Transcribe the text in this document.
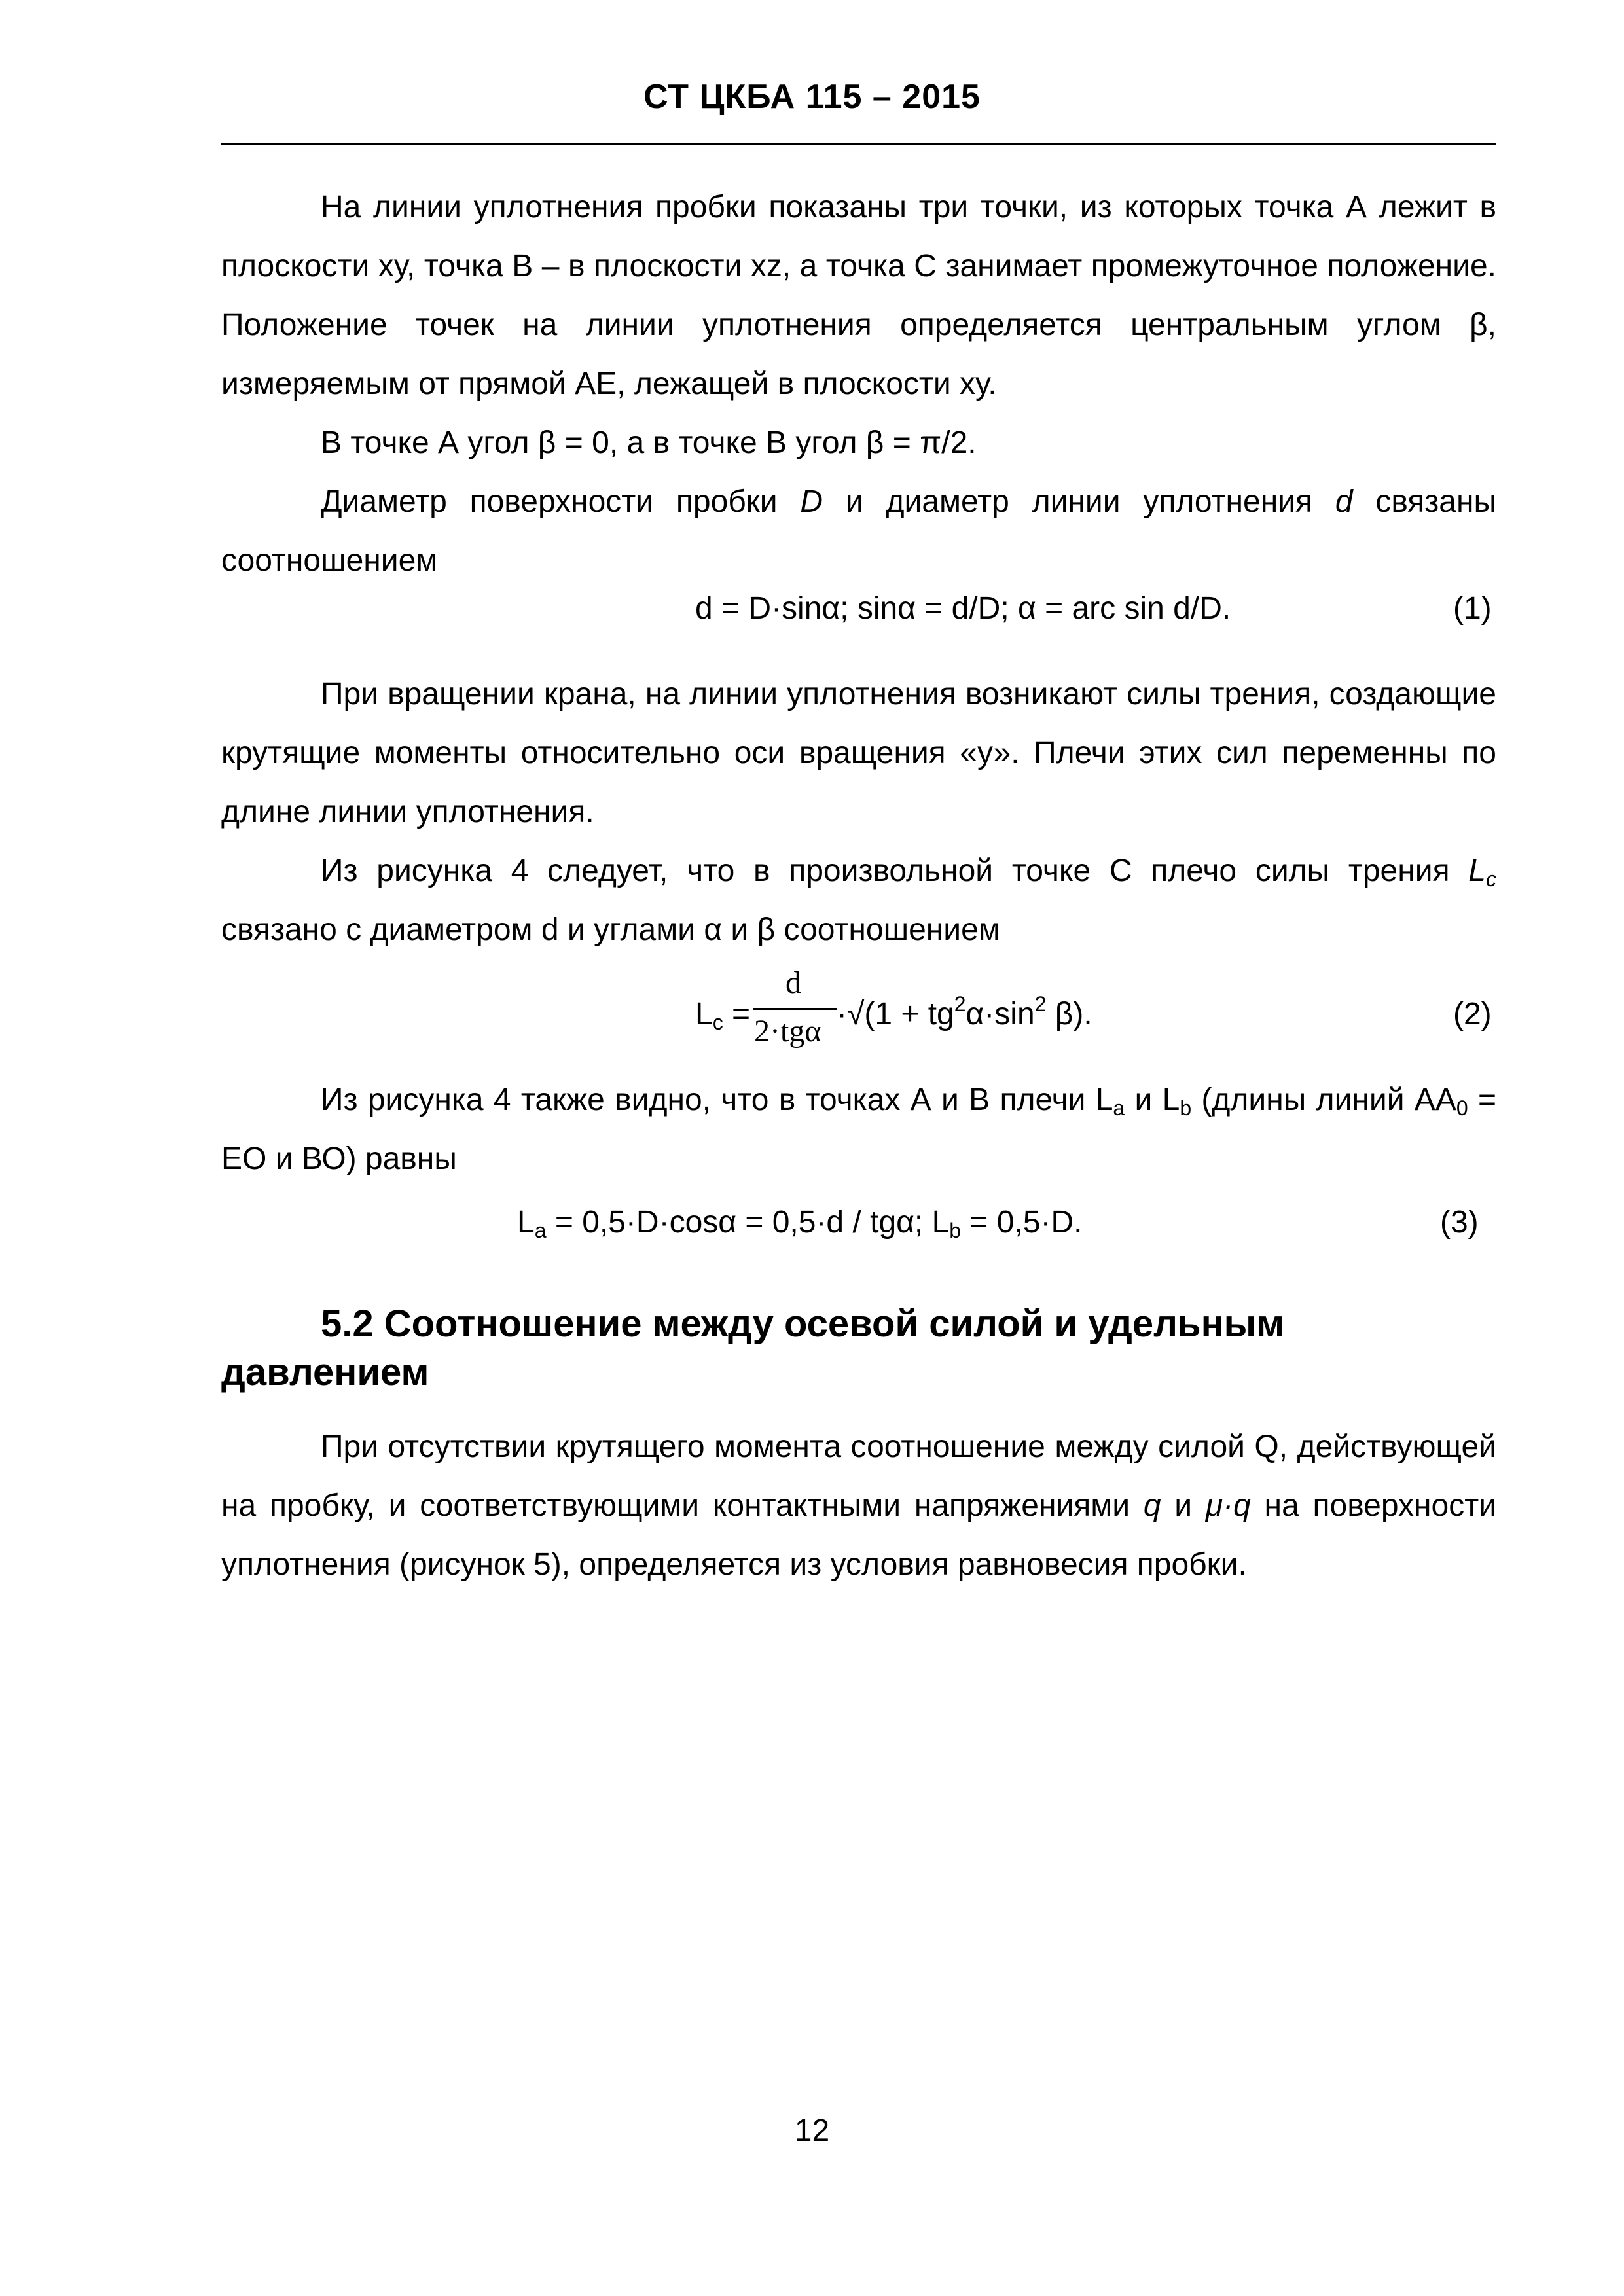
СТ ЦКБА 115 – 2015
На линии уплотнения пробки показаны три точки, из которых точка А лежит в плоскости ху, точка В – в плоскости хz, а точка С занимает промежуточное положение. Положение точек на линии уплотнения определяется центральным углом β, измеряемым от прямой АЕ, лежащей в плоскости ху.
В точке А угол β = 0, а в точке В угол β = π/2.
Диаметр поверхности пробки D и диаметр линии уплотнения d связаны соотношением
d = D·sinα; sinα = d/D; α = arc sin d/D.	(1)
При вращении крана, на линии уплотнения возникают силы трения, создающие крутящие моменты относительно оси вращения «у». Плечи этих сил переменны по длине линии уплотнения.
Из рисунка 4 следует, что в произвольной точке С плечо силы трения $L_c$ связано с диаметром d и углами α и β соотношением
$L_c$ =
d
$2\cdot tg\alpha \cdot√(1 + tg^2\alpha\cdot\sin^2$ β).	(2)
Из рисунка 4 также видно, что в точках А и В плечи $L_a$ и $L_b$ (длины линий $АА_0$ = ЕО и ВО) равны
$L_a = 0,5\cdot D\cdot\cos\alpha = 0,5\cdot d / tg\alpha$; $L_b = 0,5\cdot D$.	(3)
5.2 Соотношение между осевой силой и удельным
давлением
При отсутствии крутящего момента соотношение между силой Q, действующей на пробку, и соответствующими контактными напряжениями q и μ·q на поверхности уплотнения (рисунок 5), определяется из условия равновесия пробки.
12
